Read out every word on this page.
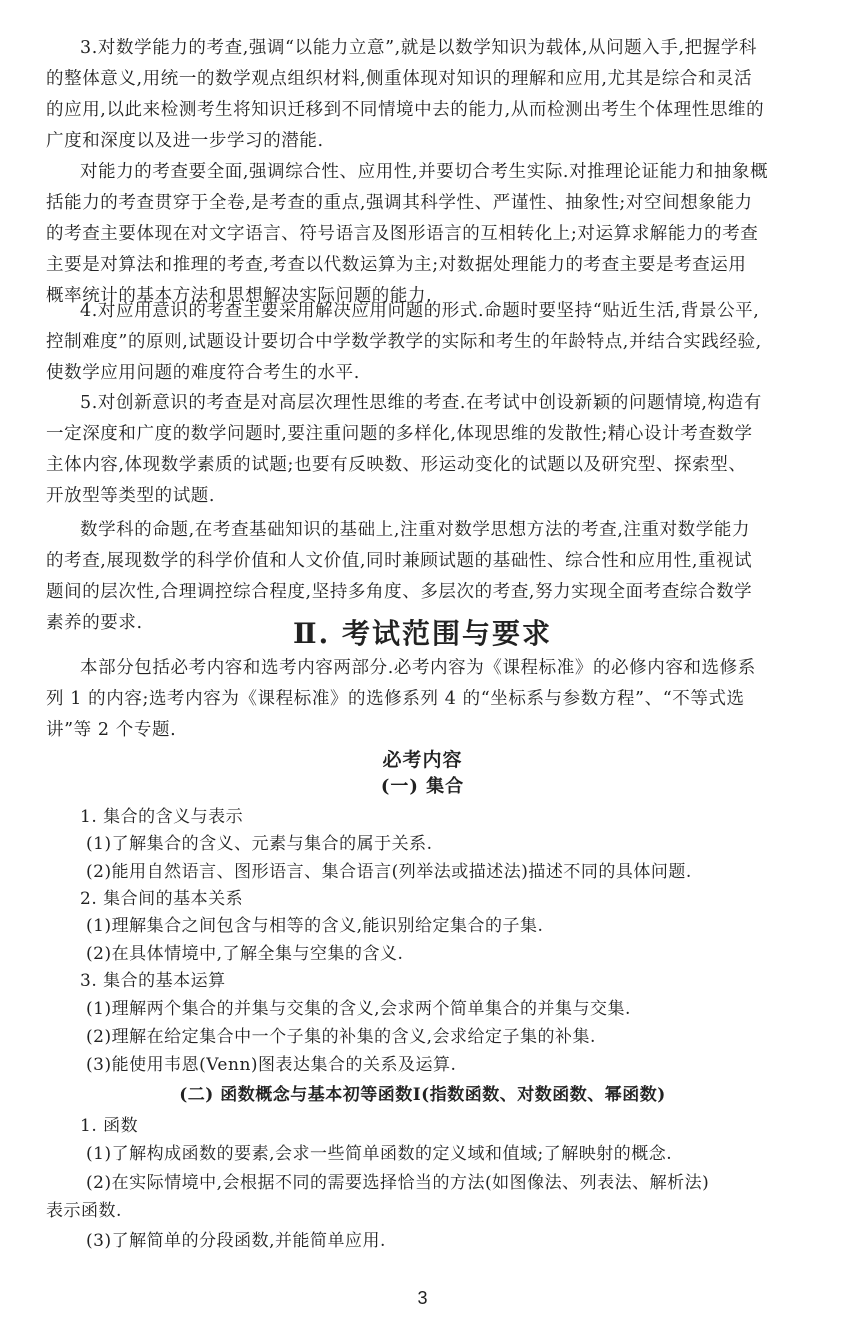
3.对数学能力的考查,强调“以能力立意”,就是以数学知识为载体,从问题入手,把握学科
的整体意义,用统一的数学观点组织材料,侧重体现对知识的理解和应用,尤其是综合和灵活
的应用,以此来检测考生将知识迁移到不同情境中去的能力,从而检测出考生个体理性思维的
广度和深度以及进一步学习的潜能.
对能力的考查要全面,强调综合性、应用性,并要切合考生实际.对推理论证能力和抽象概
括能力的考查贯穿于全卷,是考查的重点,强调其科学性、严谨性、抽象性;对空间想象能力
的考查主要体现在对文字语言、符号语言及图形语言的互相转化上;对运算求解能力的考查
主要是对算法和推理的考查,考查以代数运算为主;对数据处理能力的考查主要是考查运用
概率统计的基本方法和思想解决实际问题的能力.
4.对应用意识的考查主要采用解决应用问题的形式.命题时要坚持“贴近生活,背景公平,
控制难度”的原则,试题设计要切合中学数学教学的实际和考生的年龄特点,并结合实践经验,
使数学应用问题的难度符合考生的水平.
5.对创新意识的考查是对高层次理性思维的考查.在考试中创设新颖的问题情境,构造有
一定深度和广度的数学问题时,要注重问题的多样化,体现思维的发散性;精心设计考查数学
主体内容,体现数学素质的试题;也要有反映数、形运动变化的试题以及研究型、探索型、
开放型等类型的试题.
数学科的命题,在考查基础知识的基础上,注重对数学思想方法的考查,注重对数学能力
的考查,展现数学的科学价值和人文价值,同时兼顾试题的基础性、综合性和应用性,重视试
题间的层次性,合理调控综合程度,坚持多角度、多层次的考查,努力实现全面考查综合数学
素养的要求.	Ⅱ. 考试范围与要求
本部分包括必考内容和选考内容两部分.必考内容为《课程标准》的必修内容和选修系
列 1 的内容;选考内容为《课程标准》的选修系列 4 的“坐标系与参数方程”、“不等式选
讲”等 2 个专题.
必考内容
(一) 集合
1. 集合的含义与表示
(1)了解集合的含义、元素与集合的属于关系.
(2)能用自然语言、图形语言、集合语言(列举法或描述法)描述不同的具体问题.
2. 集合间的基本关系
(1)理解集合之间包含与相等的含义,能识别给定集合的子集.
(2)在具体情境中,了解全集与空集的含义.
3. 集合的基本运算
(1)理解两个集合的并集与交集的含义,会求两个简单集合的并集与交集.
(2)理解在给定集合中一个子集的补集的含义,会求给定子集的补集.
(3)能使用韦恩(Venn)图表达集合的关系及运算.
(二) 函数概念与基本初等函数Ⅰ(指数函数、对数函数、幂函数)
1. 函数
(1)了解构成函数的要素,会求一些简单函数的定义域和值域;了解映射的概念.
(2)在实际情境中,会根据不同的需要选择恰当的方法(如图像法、列表法、解析法)
表示函数.
(3)了解简单的分段函数,并能简单应用.
3
